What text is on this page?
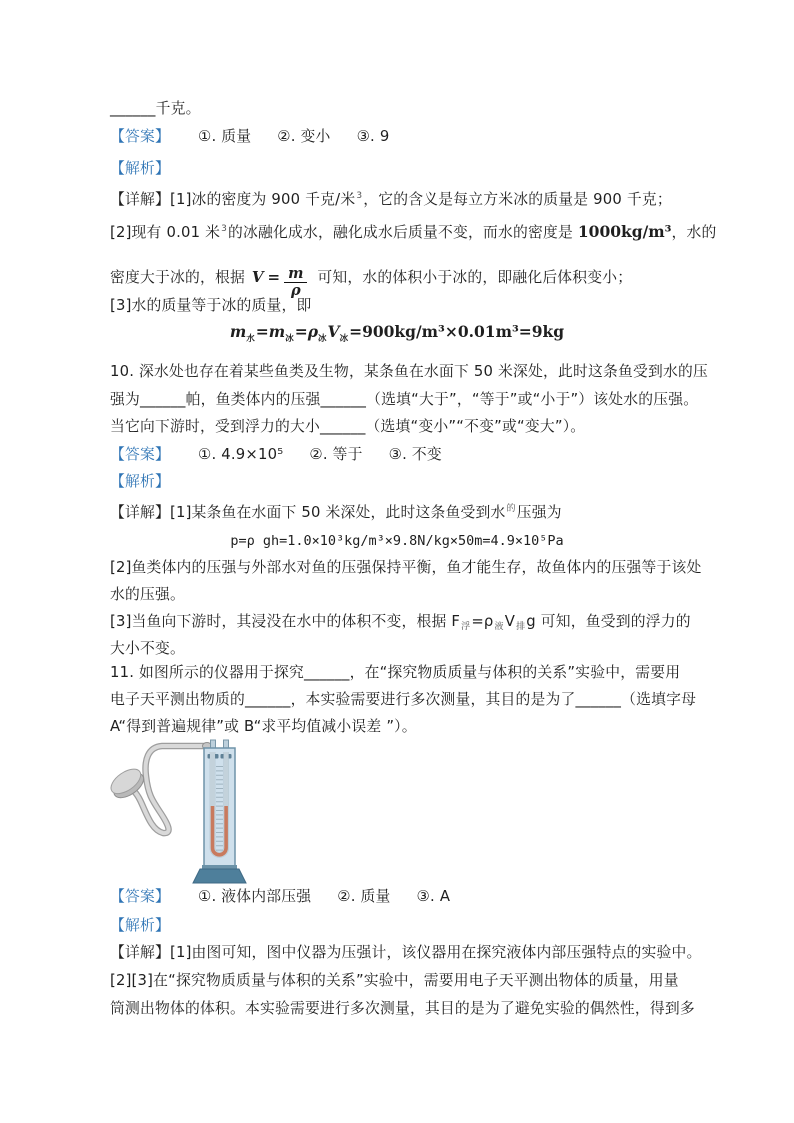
______千克。
【答案】 ①. 质量 ②. 变小 ③. 9
【解析】
【详解】[1]冰的密度为 900 千克/米$^3$，它的含义是每立方米冰的质量是 900 千克；
[2]现有 0.01 米$^3$的冰融化成水，融化成水后质量不变，而水的密度是 1000kg/m³，水的
密度大于冰的，根据 $V = \frac{m}{\rho}$ 可知，水的体积小于冰的，即融化后体积变小；
[3]水的质量等于冰的质量，即
$m_水=m_冰=\rho_冰V_冰=900kg/m^3\times 0.01m^3=9kg$
10. 深水处也存在着某些鱼类及生物，某条鱼在水面下 50 米深处，此时这条鱼受到水的压
强为______帕，鱼类体内的压强______（选填“大于”，“等于”或“小于”）该处水的压强。
当它向下游时，受到浮力的大小______（选填“变小”“不变”或“变大”）。
【答案】 ①. 4.9×10⁵ ②. 等于 ③. 不变
【解析】
【详解】[1]某条鱼在水面下 50 米深处，此时这条鱼受到水$^的$压强为
p=ρ gh=1.0×10³kg/m³×9.8N/kg×50m=4.9×10⁵Pa
[2]鱼类体内的压强与外部水对鱼的压强保持平衡，鱼才能生存，故鱼体内的压强等于该处
水的压强。
[3]当鱼向下游时，其浸没在水中的体积不变，根据 $F_浮=\rho_液V_排g$ 可知，鱼受到的浮力的
大小不变。
11. 如图所示的仪器用于探究______，在“探究物质质量与体积的关系”实验中，需要用
电子天平测出物质的______，本实验需要进行多次测量，其目的是为了______（选填字母
A“得到普遍规律”或 B“求平均值减小误差 ”）。
【答案】 ①. 液体内部压强 ②. 质量 ③. A
【解析】
【详解】[1]由图可知，图中仪器为压强计，该仪器用在探究液体内部压强特点的实验中。
[2][3]在“探究物质质量与体积的关系”实验中，需要用电子天平测出物体的质量，用量
筒测出物体的体积。本实验需要进行多次测量，其目的是为了避免实验的偶然性，得到多
